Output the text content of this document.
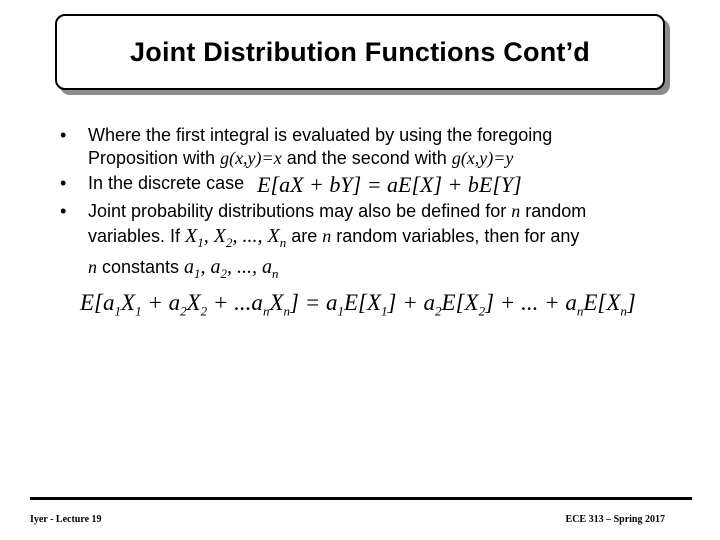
Joint Distribution Functions Cont’d
• Where the first integral is evaluated by using the foregoing
Proposition with g(x,y)=x and the second with g(x,y)=y
• In the discrete case E[aX + bY] = aE[X] + bE[Y]
• Joint probability distributions may also be defined for n random
variables. If $X_1$, $X_2$, ..., $X_n$ are n random variables, then for any
n constants $a_1$, $a_2$, ..., $a_n$
$E[a_1X_1 + a_2X_2 + ...a_nX_n] = a_1E[X_1] + a_2E[X_2]$ + ... + $a_nE[X_n]$
Iyer - Lecture 19	ECE 313 – Spring 2017
